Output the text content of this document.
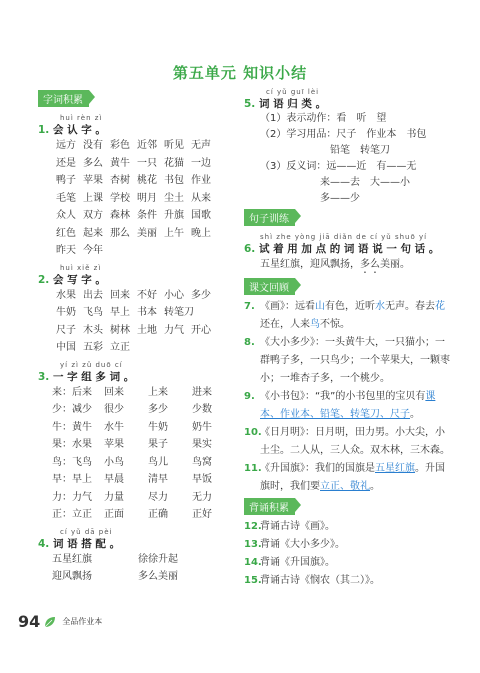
第五单元 知识小结
字词积累
huì rèn zì
1. 会 认 字 。
远方 没有 彩色 近邻 听见 无声
还是 多么 黄牛 一只 花猫 一边
鸭子 苹果 杏树 桃花 书包 作业
毛笔 上课 学校 明月 尘土 从来
众人 双方 森林 条件 升旗 国歌
红色 起来 那么 美丽 上午 晚上
昨天 今年
huì xiě zì
2. 会 写 字 。
水果 出去 回来 不好 小心 多少
牛奶 飞鸟 早上 书本 转笔刀
尺子 木头 树林 土地 力气 开心
中国 五彩 立正
yí zì zǔ duō cí
3. 一 字 组 多 词 。
来：后来	回来	上来	进来
少：减少	很少	多少	少数
牛：黄牛	水牛	牛奶	奶牛
果：水果	苹果	果子	果实
鸟：飞鸟	小鸟	鸟儿	鸟窝
早：早上	早晨	清早	早饭
力：力气	力量	尽力	无力
正：立正	正面	正确	正好
cí yǔ dā pèi
4. 词 语 搭 配 。
五星红旗	徐徐升起
迎风飘扬	多么美丽
cí yǔ guī lèi
5. 词 语 归 类 。
（1）表示动作：看　听　望
（2）学习用品：尺子　作业本　书包
　　　　　　　铅笔　转笔刀
（3）反义词：远——近　有——无
　　　　　　来——去　大——小
　　　　　　多——少
句子训练
shì zhe yòng jiā diǎn de cí yǔ shuō yí
6. 试 着 用 加 点 的 词 语 说 一 句 话 。
五星红旗，迎风飘扬，多么美丽。
课文回顾
7. 《画》：远看山有色，近听水无声。春去花还在，人来鸟不惊。
8. 《大小多少》：一头黄牛大，一只猫小；一群鸭子多，一只鸟少；一个苹果大，一颗枣小；一堆杏子多，一个桃少。
9. 《小书包》：“我”的小书包里的宝贝有课本、作业本、铅笔、转笔刀、尺子。
10.
《日月明》：日月明，田力男。小大尖，小土尘。二人从，三人众。双木林，三木森。
11.
《升国旗》：我们的国旗是五星红旗。升国旗时，我们要立正、敬礼。
背诵积累
12.
背诵古诗《画》。
13.
背诵《大小多少》。
14.
背诵《升国旗》。
15.
背诵古诗《悯农（其二）》。
94	全品作业本
